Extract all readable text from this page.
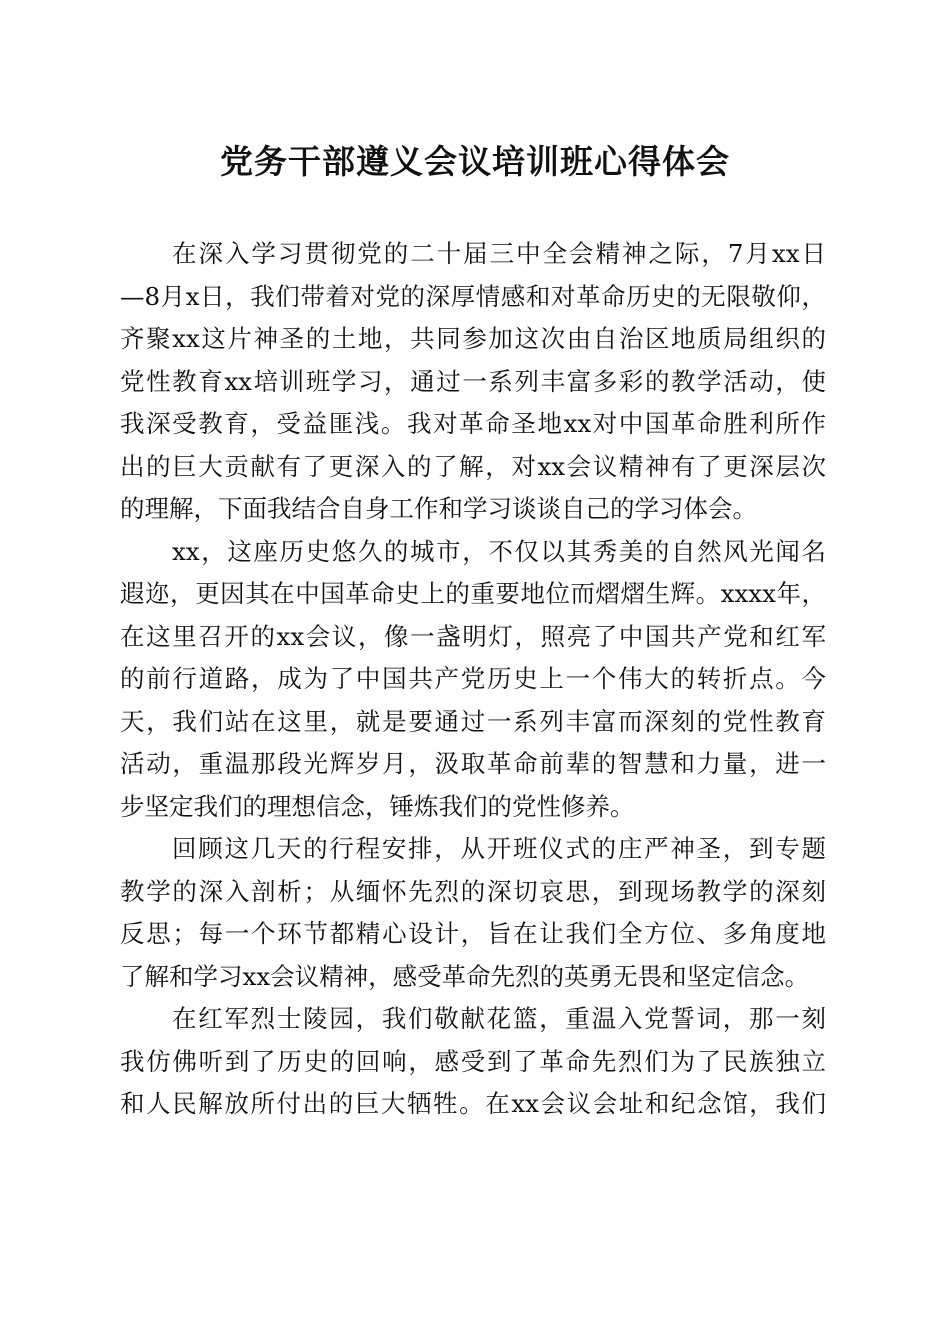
党务干部遵义会议培训班心得体会
在深入学习贯彻党的二十届三中全会精神之际，7月xx日
—8月x日，我们带着对党的深厚情感和对革命历史的无限敬仰，
齐聚xx这片神圣的土地，共同参加这次由自治区地质局组织的
党性教育xx培训班学习，通过一系列丰富多彩的教学活动，使
我深受教育，受益匪浅。我对革命圣地xx对中国革命胜利所作
出的巨大贡献有了更深入的了解，对xx会议精神有了更深层次
的理解，下面我结合自身工作和学习谈谈自己的学习体会。
xx，这座历史悠久的城市，不仅以其秀美的自然风光闻名
遐迩，更因其在中国革命史上的重要地位而熠熠生辉。xxxx年，
在这里召开的xx会议，像一盏明灯，照亮了中国共产党和红军
的前行道路，成为了中国共产党历史上一个伟大的转折点。今
天，我们站在这里，就是要通过一系列丰富而深刻的党性教育
活动，重温那段光辉岁月，汲取革命前辈的智慧和力量，进一
步坚定我们的理想信念，锤炼我们的党性修养。
回顾这几天的行程安排，从开班仪式的庄严神圣，到专题
教学的深入剖析；从缅怀先烈的深切哀思，到现场教学的深刻
反思；每一个环节都精心设计，旨在让我们全方位、多角度地
了解和学习xx会议精神，感受革命先烈的英勇无畏和坚定信念。
在红军烈士陵园，我们敬献花篮，重温入党誓词，那一刻
我仿佛听到了历史的回响，感受到了革命先烈们为了民族独立
和人民解放所付出的巨大牺牲。在xx会议会址和纪念馆，我们
